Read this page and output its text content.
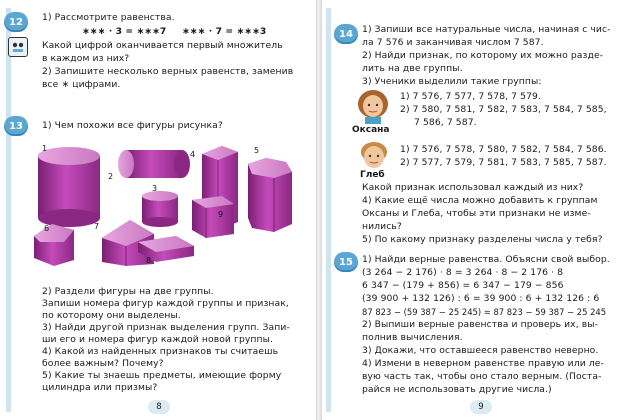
12 1) Рассмотрите равенства.
∗∗∗ · 3 = ∗∗∗7 ∗∗∗ · 7 = ∗∗∗3
Какой цифрой оканчивается первый множитель
в каждом из них?
2) Запишите несколько верных равенств, заменив
все ∗ цифрами.
13 1) Чем похожи все фигуры рисунка?
1
2
3
4	5
6	7
8
9
2) Раздели фигуры на две группы.
Запиши номера фигур каждой группы и признак,
по которому они выделены.
3) Найди другой признак выделения групп. Запи-
ши его и номера фигур каждой новой группы.
4) Какой из найденных признаков ты считаешь
более важным? Почему?
5) Какие ты знаешь предметы, имеющие форму
цилиндра или призмы?
8
14 1) Запиши все натуральные числа, начиная с чис-
ла 7 576 и заканчивая числом 7 587.
2) Найди признак, по которому их можно разде-
лить на две группы.
3) Ученики выделили такие группы:
Оксана
1) 7 576, 7 577, 7 578, 7 579.
2) 7 580, 7 581, 7 582, 7 583, 7 584, 7 585,
7 586, 7 587.
Глеб
1) 7 576, 7 578, 7 580, 7 582, 7 584, 7 586.
2) 7 577, 7 579, 7 581, 7 583, 7 585, 7 587.
Какой признак использовал каждый из них?
4) Какие ещё числа можно добавить к группам
Оксаны и Глеба, чтобы эти признаки не изме-
нились?
5) По какому признаку разделены числа у тебя?
15 1) Найди верные равенства. Объясни свой выбор.
(3 264 − 2 176) · 8 = 3 264 · 8 − 2 176 · 8
6 347 − (179 + 856) = 6 347 − 179 − 856
(39 900 + 132 126) : 6 = 39 900 : 6 + 132 126 : 6
87 823 − (59 387 − 25 245) = 87 823 − 59 387 − 25 245
2) Выпиши верные равенства и проверь их, вы-
полнив вычисления.
3) Докажи, что оставшееся равенство неверно.
4) Измени в неверном равенстве правую или ле-
вую часть так, чтобы оно стало верным. (Поста-
райся не использовать другие числа.)
9
